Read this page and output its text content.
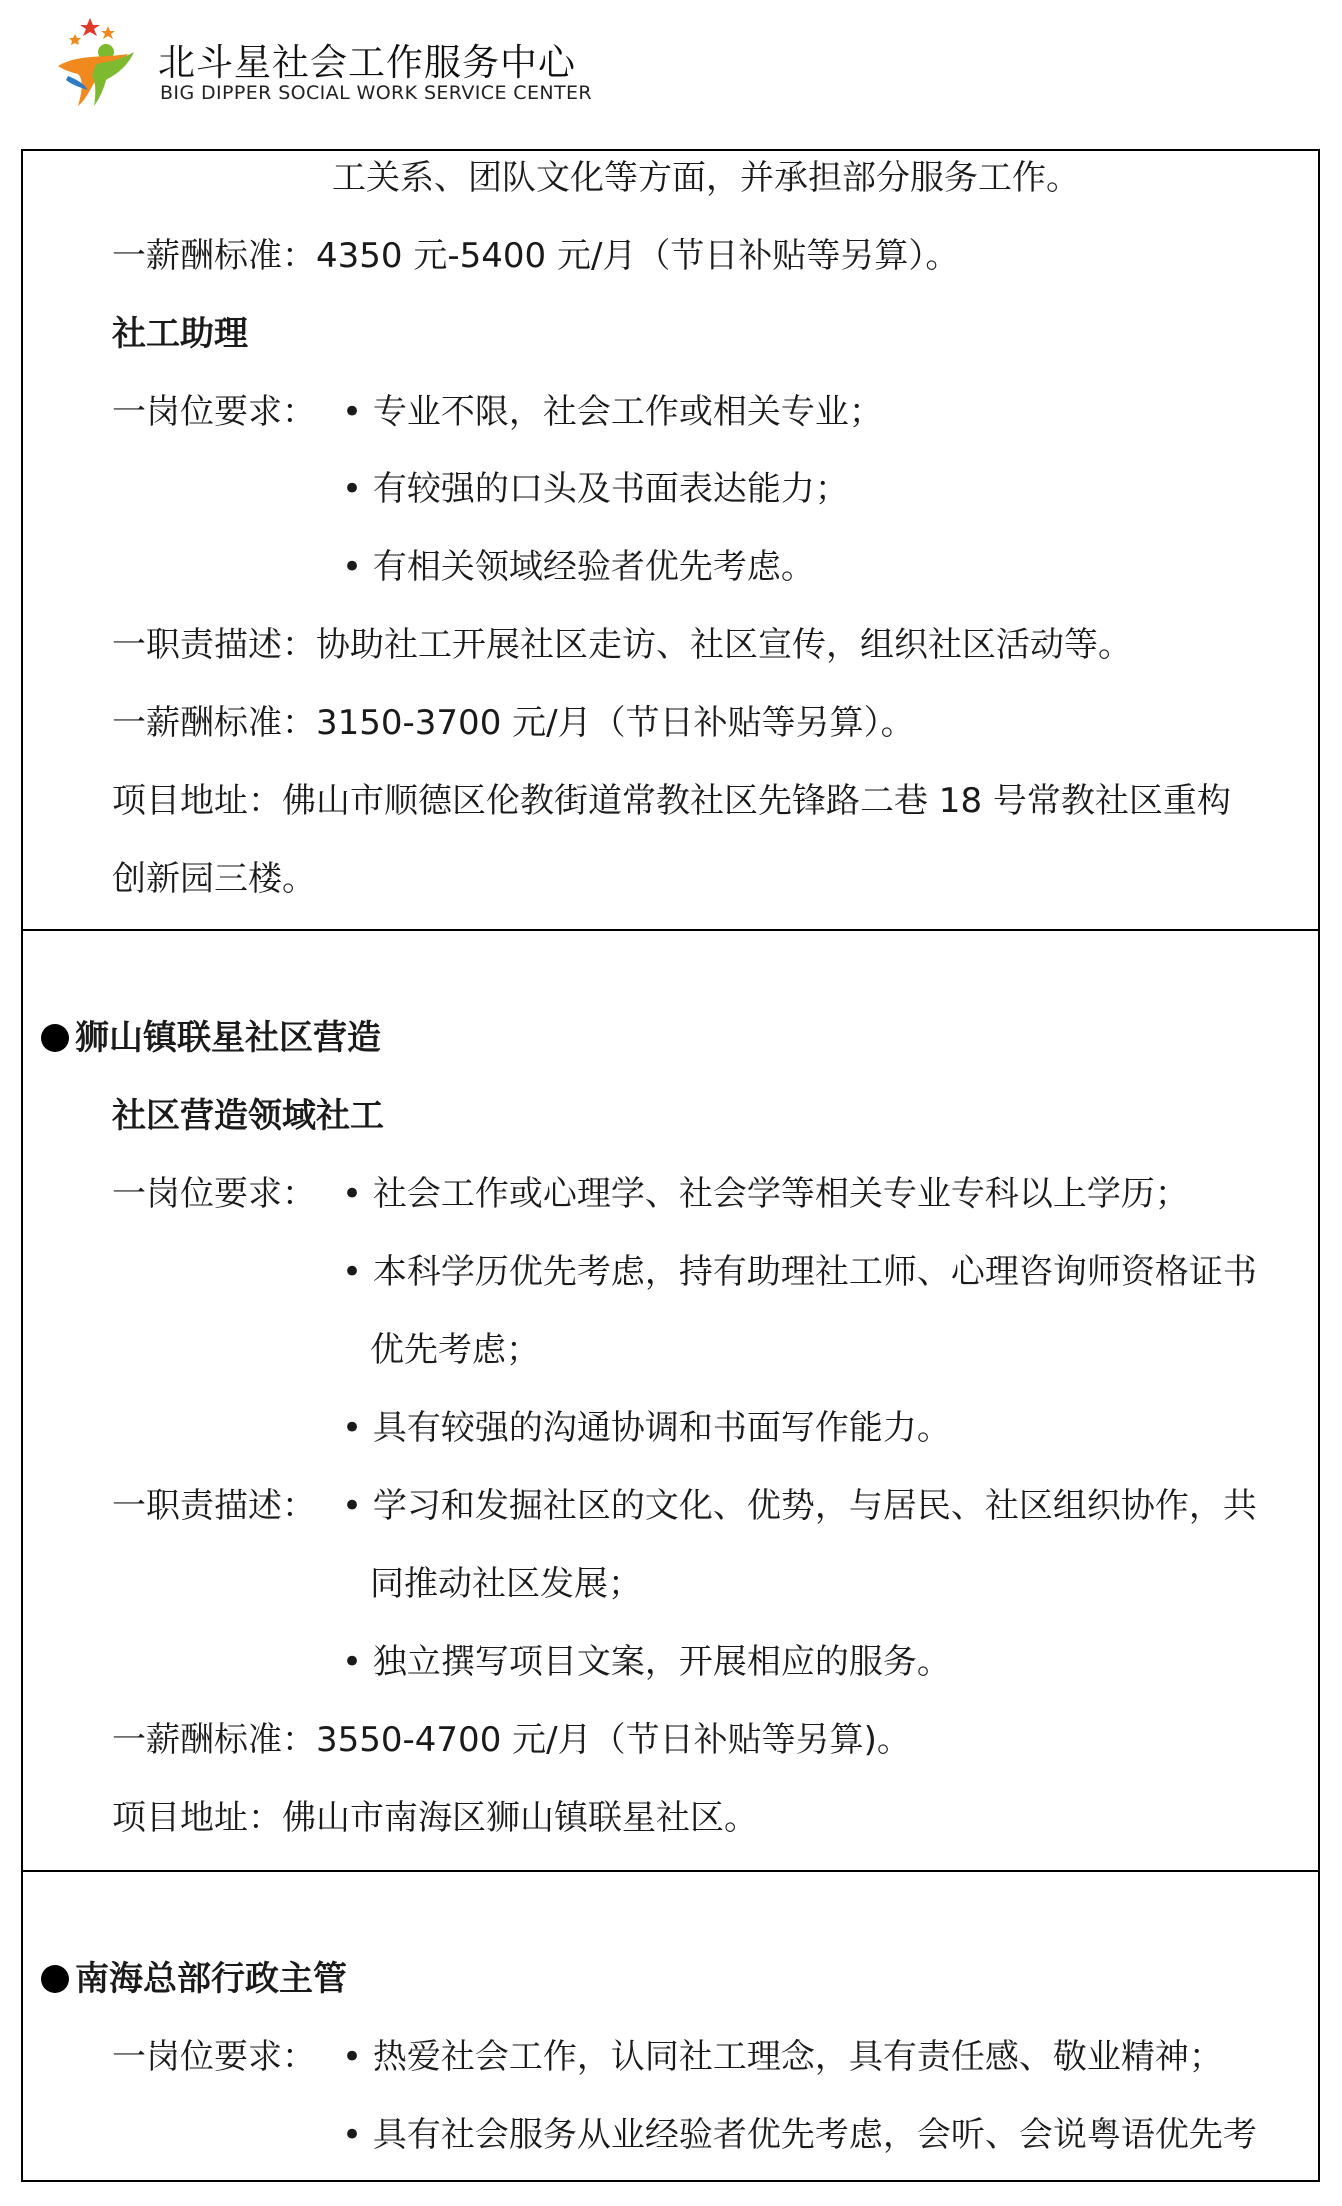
北斗星社会工作服务中心
BIG DIPPER SOCIAL WORK SERVICE CENTER
工关系、团队文化等方面，并承担部分服务工作。
一薪酬标准：4350 元-5400 元/月（节日补贴等另算）。
社工助理
一岗位要求： • 专业不限，社会工作或相关专业；
• 有较强的口头及书面表达能力；
• 有相关领域经验者优先考虑。
一职责描述：协助社工开展社区走访、社区宣传，组织社区活动等。
一薪酬标准：3150-3700 元/月（节日补贴等另算）。
项目地址：佛山市顺德区伦教街道常教社区先锋路二巷 18 号常教社区重构
创新园三楼。
狮山镇联星社区营造
社区营造领域社工
一岗位要求： • 社会工作或心理学、社会学等相关专业专科以上学历；
• 本科学历优先考虑，持有助理社工师、心理咨询师资格证书
优先考虑；
• 具有较强的沟通协调和书面写作能力。
一职责描述： • 学习和发掘社区的文化、优势，与居民、社区组织协作，共
同推动社区发展；
• 独立撰写项目文案，开展相应的服务。
一薪酬标准：3550-4700 元/月（节日补贴等另算)。
项目地址：佛山市南海区狮山镇联星社区。
南海总部行政主管
一岗位要求： • 热爱社会工作，认同社工理念，具有责任感、敬业精神；
• 具有社会服务从业经验者优先考虑，会听、会说粤语优先考
